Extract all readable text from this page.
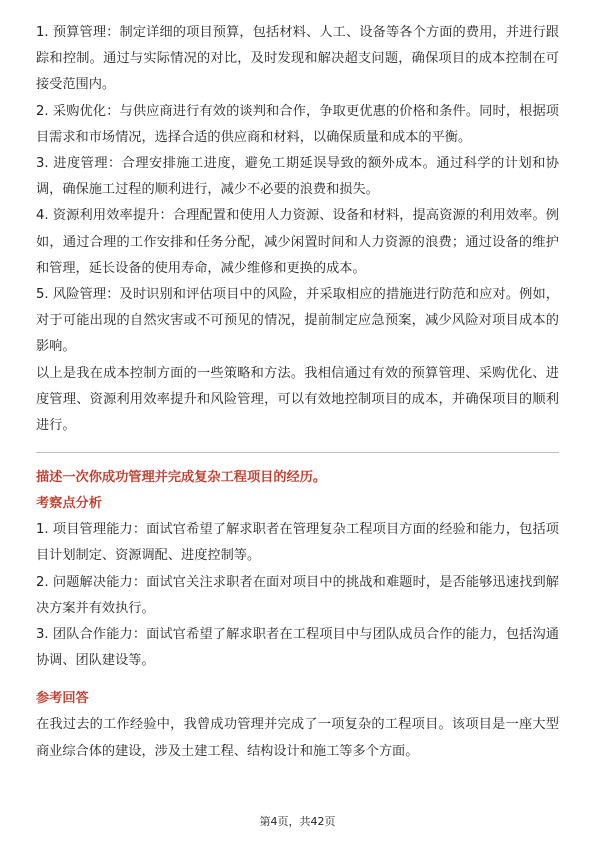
1. 预算管理：制定详细的项目预算，包括材料、人工、设备等各个方面的费用，并进行跟踪和控制。通过与实际情况的对比，及时发现和解决超支问题，确保项目的成本控制在可接受范围内。

2. 采购优化：与供应商进行有效的谈判和合作，争取更优惠的价格和条件。同时，根据项目需求和市场情况，选择合适的供应商和材料，以确保质量和成本的平衡。

3. 进度管理：合理安排施工进度，避免工期延误导致的额外成本。通过科学的计划和协调，确保施工过程的顺利进行，减少不必要的浪费和损失。

4. 资源利用效率提升：合理配置和使用人力资源、设备和材料，提高资源的利用效率。例如，通过合理的工作安排和任务分配，减少闲置时间和人力资源的浪费；通过设备的维护和管理，延长设备的使用寿命，减少维修和更换的成本。

5. 风险管理：及时识别和评估项目中的风险，并采取相应的措施进行防范和应对。例如，对于可能出现的自然灾害或不可预见的情况，提前制定应急预案，减少风险对项目成本的影响。

以上是我在成本控制方面的一些策略和方法。我相信通过有效的预算管理、采购优化、进度管理、资源利用效率提升和风险管理，可以有效地控制项目的成本，并确保项目的顺利进行。

描述一次你成功管理并完成复杂工程项目的经历。

考察点分析

1. 项目管理能力：面试官希望了解求职者在管理复杂工程项目方面的经验和能力，包括项目计划制定、资源调配、进度控制等。

2. 问题解决能力：面试官关注求职者在面对项目中的挑战和难题时，是否能够迅速找到解决方案并有效执行。

3. 团队合作能力：面试官希望了解求职者在工程项目中与团队成员合作的能力，包括沟通协调、团队建设等。

参考回答

在我过去的工作经验中，我曾成功管理并完成了一项复杂的工程项目。该项目是一座大型商业综合体的建设，涉及土建工程、结构设计和施工等多个方面。

第4页，共42页
